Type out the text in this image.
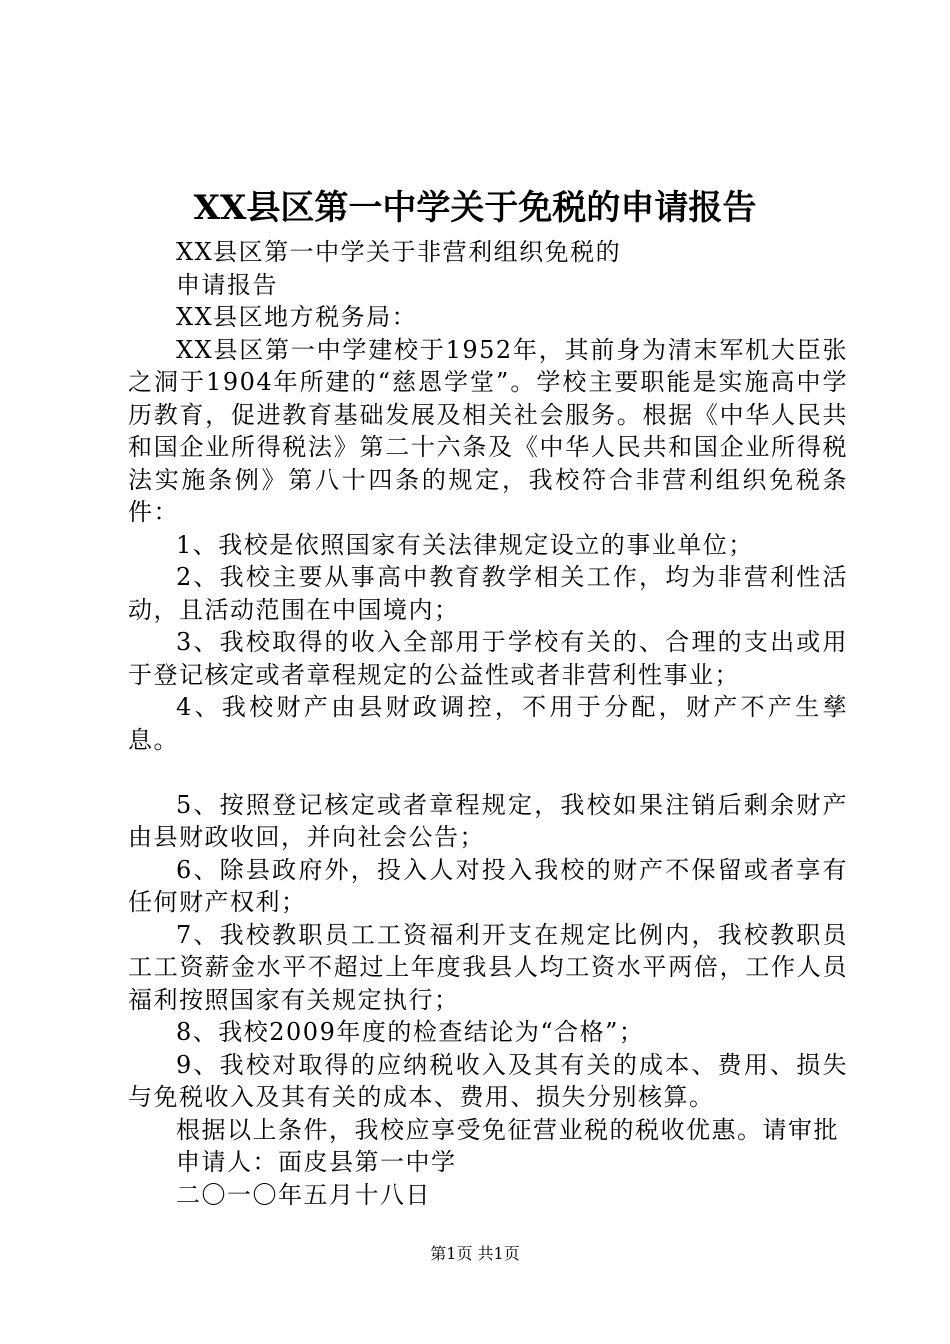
XX县区第一中学关于免税的申请报告

XX县区第一中学关于非营利组织免税的

申请报告

XX县区地方税务局：

XX县区第一中学建校于1952年，其前身为清末军机大臣张之洞于1904年所建的“慈恩学堂”。学校主要职能是实施高中学历教育，促进教育基础发展及相关社会服务。根据《中华人民共和国企业所得税法》第二十六条及《中华人民共和国企业所得税法实施条例》第八十四条的规定，我校符合非营利组织免税条件：

1、我校是依照国家有关法律规定设立的事业单位；

2、我校主要从事高中教育教学相关工作，均为非营利性活动，且活动范围在中国境内；

3、我校取得的收入全部用于学校有关的、合理的支出或用于登记核定或者章程规定的公益性或者非营利性事业；

4、我校财产由县财政调控，不用于分配，财产不产生孳息。

5、按照登记核定或者章程规定，我校如果注销后剩余财产由县财政收回，并向社会公告；

6、除县政府外，投入人对投入我校的财产不保留或者享有任何财产权利；

7、我校教职员工工资福利开支在规定比例内，我校教职员工工资薪金水平不超过上年度我县人均工资水平两倍，工作人员福利按照国家有关规定执行；

8、我校2009年度的检查结论为“合格”；

9、我校对取得的应纳税收入及其有关的成本、费用、损失与免税收入及其有关的成本、费用、损失分别核算。

根据以上条件，我校应享受免征营业税的税收优惠。请审批

申请人：面皮县第一中学

二〇一〇年五月十八日

第1页 共1页
